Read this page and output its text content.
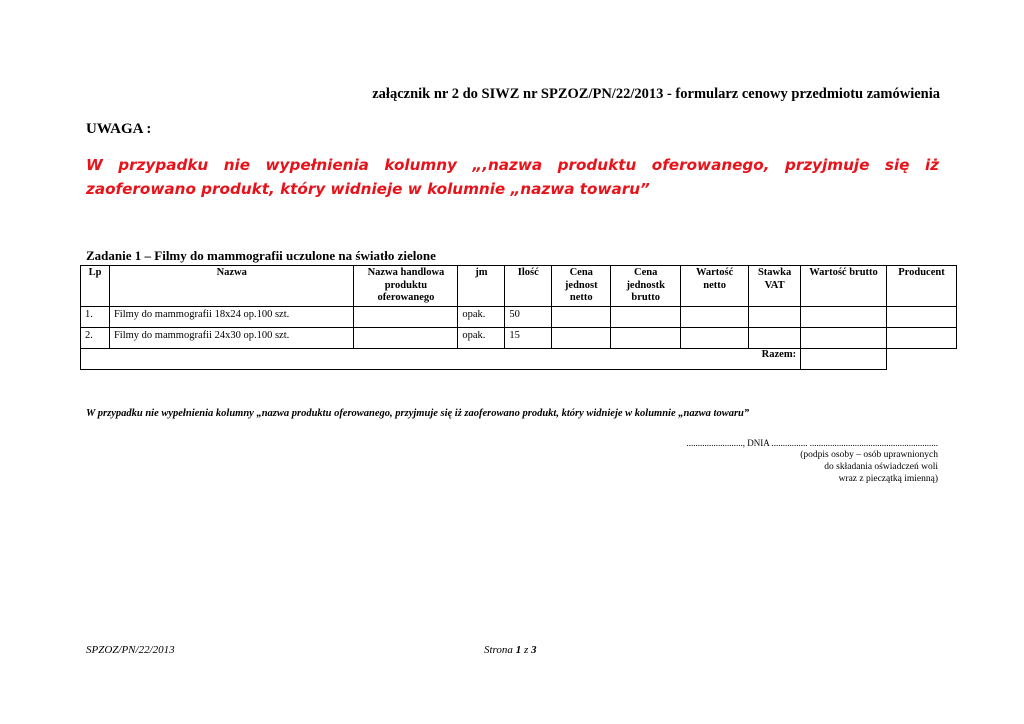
załącznik nr 2 do SIWZ nr SPZOZ/PN/22/2013 - formularz cenowy przedmiotu zamówienia
UWAGA :
W przypadku nie wypełnienia kolumny „,nazwa produktu oferowanego, przyjmuje się iż zaoferowano produkt, który widnieje w kolumnie „nazwa towaru”
Zadanie 1 – Filmy do mammografii uczulone na światło zielone
Lp	Nazwa	Nazwa handlowa produktu oferowanego	jm	Ilość	Cena jednost netto	Cena jednostk brutto	Wartość netto	Stawka VAT	Wartość brutto	Producent
1.	Filmy do mammografii 18x24 op.100 szt.		opak.	50						
2.	Filmy do mammografii 24x30 op.100 szt.		opak.	15						
Razem:										
W przypadku nie wypełnienia kolumny „nazwa produktu oferowanego, przyjmuje się iż zaoferowano produkt, który widnieje w kolumnie „nazwa towaru”
........................., DNIA ................ .........................................................
(podpis osoby – osób uprawnionych
do składania oświadczeń woli
wraz z pieczątką imienną)
SPZOZ/PN/22/2013	Strona 1 z 3
